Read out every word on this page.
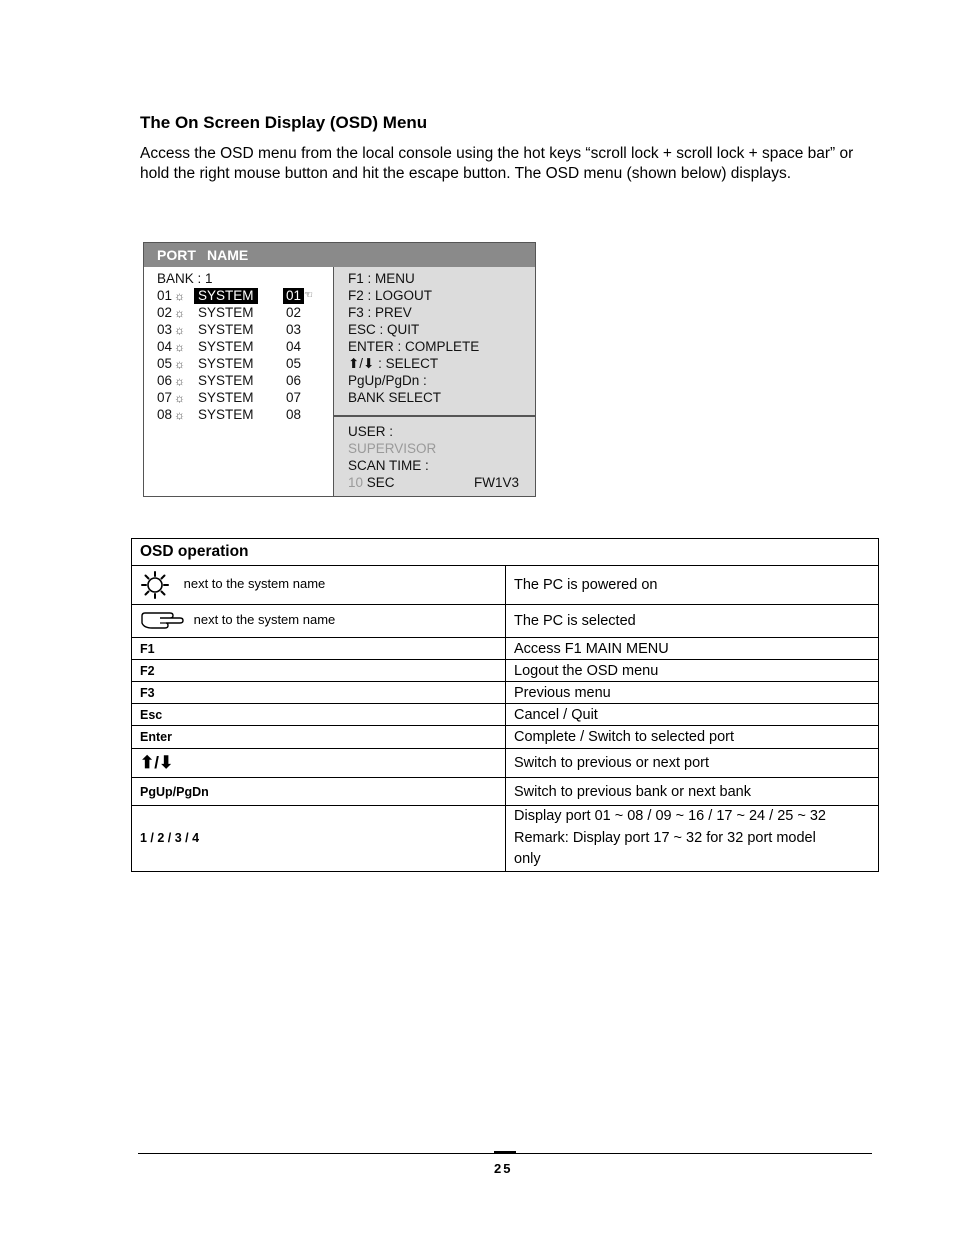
The On Screen Display (OSD) Menu
Access the OSD menu from the local console using the hot keys “scroll lock + scroll lock + space bar” or hold the right mouse button and hit the escape button. The OSD menu (shown below) displays.
PORT NAME
BANK : 1
01 ☼ SYSTEM 01 ☜
02 ☼ SYSTEM 02
03 ☼ SYSTEM 03
04 ☼ SYSTEM 04
05 ☼ SYSTEM 05
06 ☼ SYSTEM 06
07 ☼ SYSTEM 07
08 ☼ SYSTEM 08
F1 : MENU
F2 : LOGOUT
F3 : PREV
ESC : QUIT
ENTER : COMPLETE
⬆/⬇ : SELECT
PgUp/PgDn :
BANK SELECT
USER :
SUPERVISOR
SCAN TIME :
10 SEC	FW1V3
OSD operation	
next to the system name	The PC is powered on
next to the system name	The PC is selected
F1	Access F1 MAIN MENU
F2	Logout the OSD menu
F3	Previous menu
Esc	Cancel / Quit
Enter	Complete / Switch to selected port
⬆/⬇	Switch to previous or next port
PgUp/PgDn	Switch to previous bank or next bank
1 / 2 / 3 / 4	Display port 01 ~ 08 / 09 ~ 16 / 17 ~ 24 / 25 ~ 32
Remark: Display port 17 ~ 32 for 32 port model
only
25
